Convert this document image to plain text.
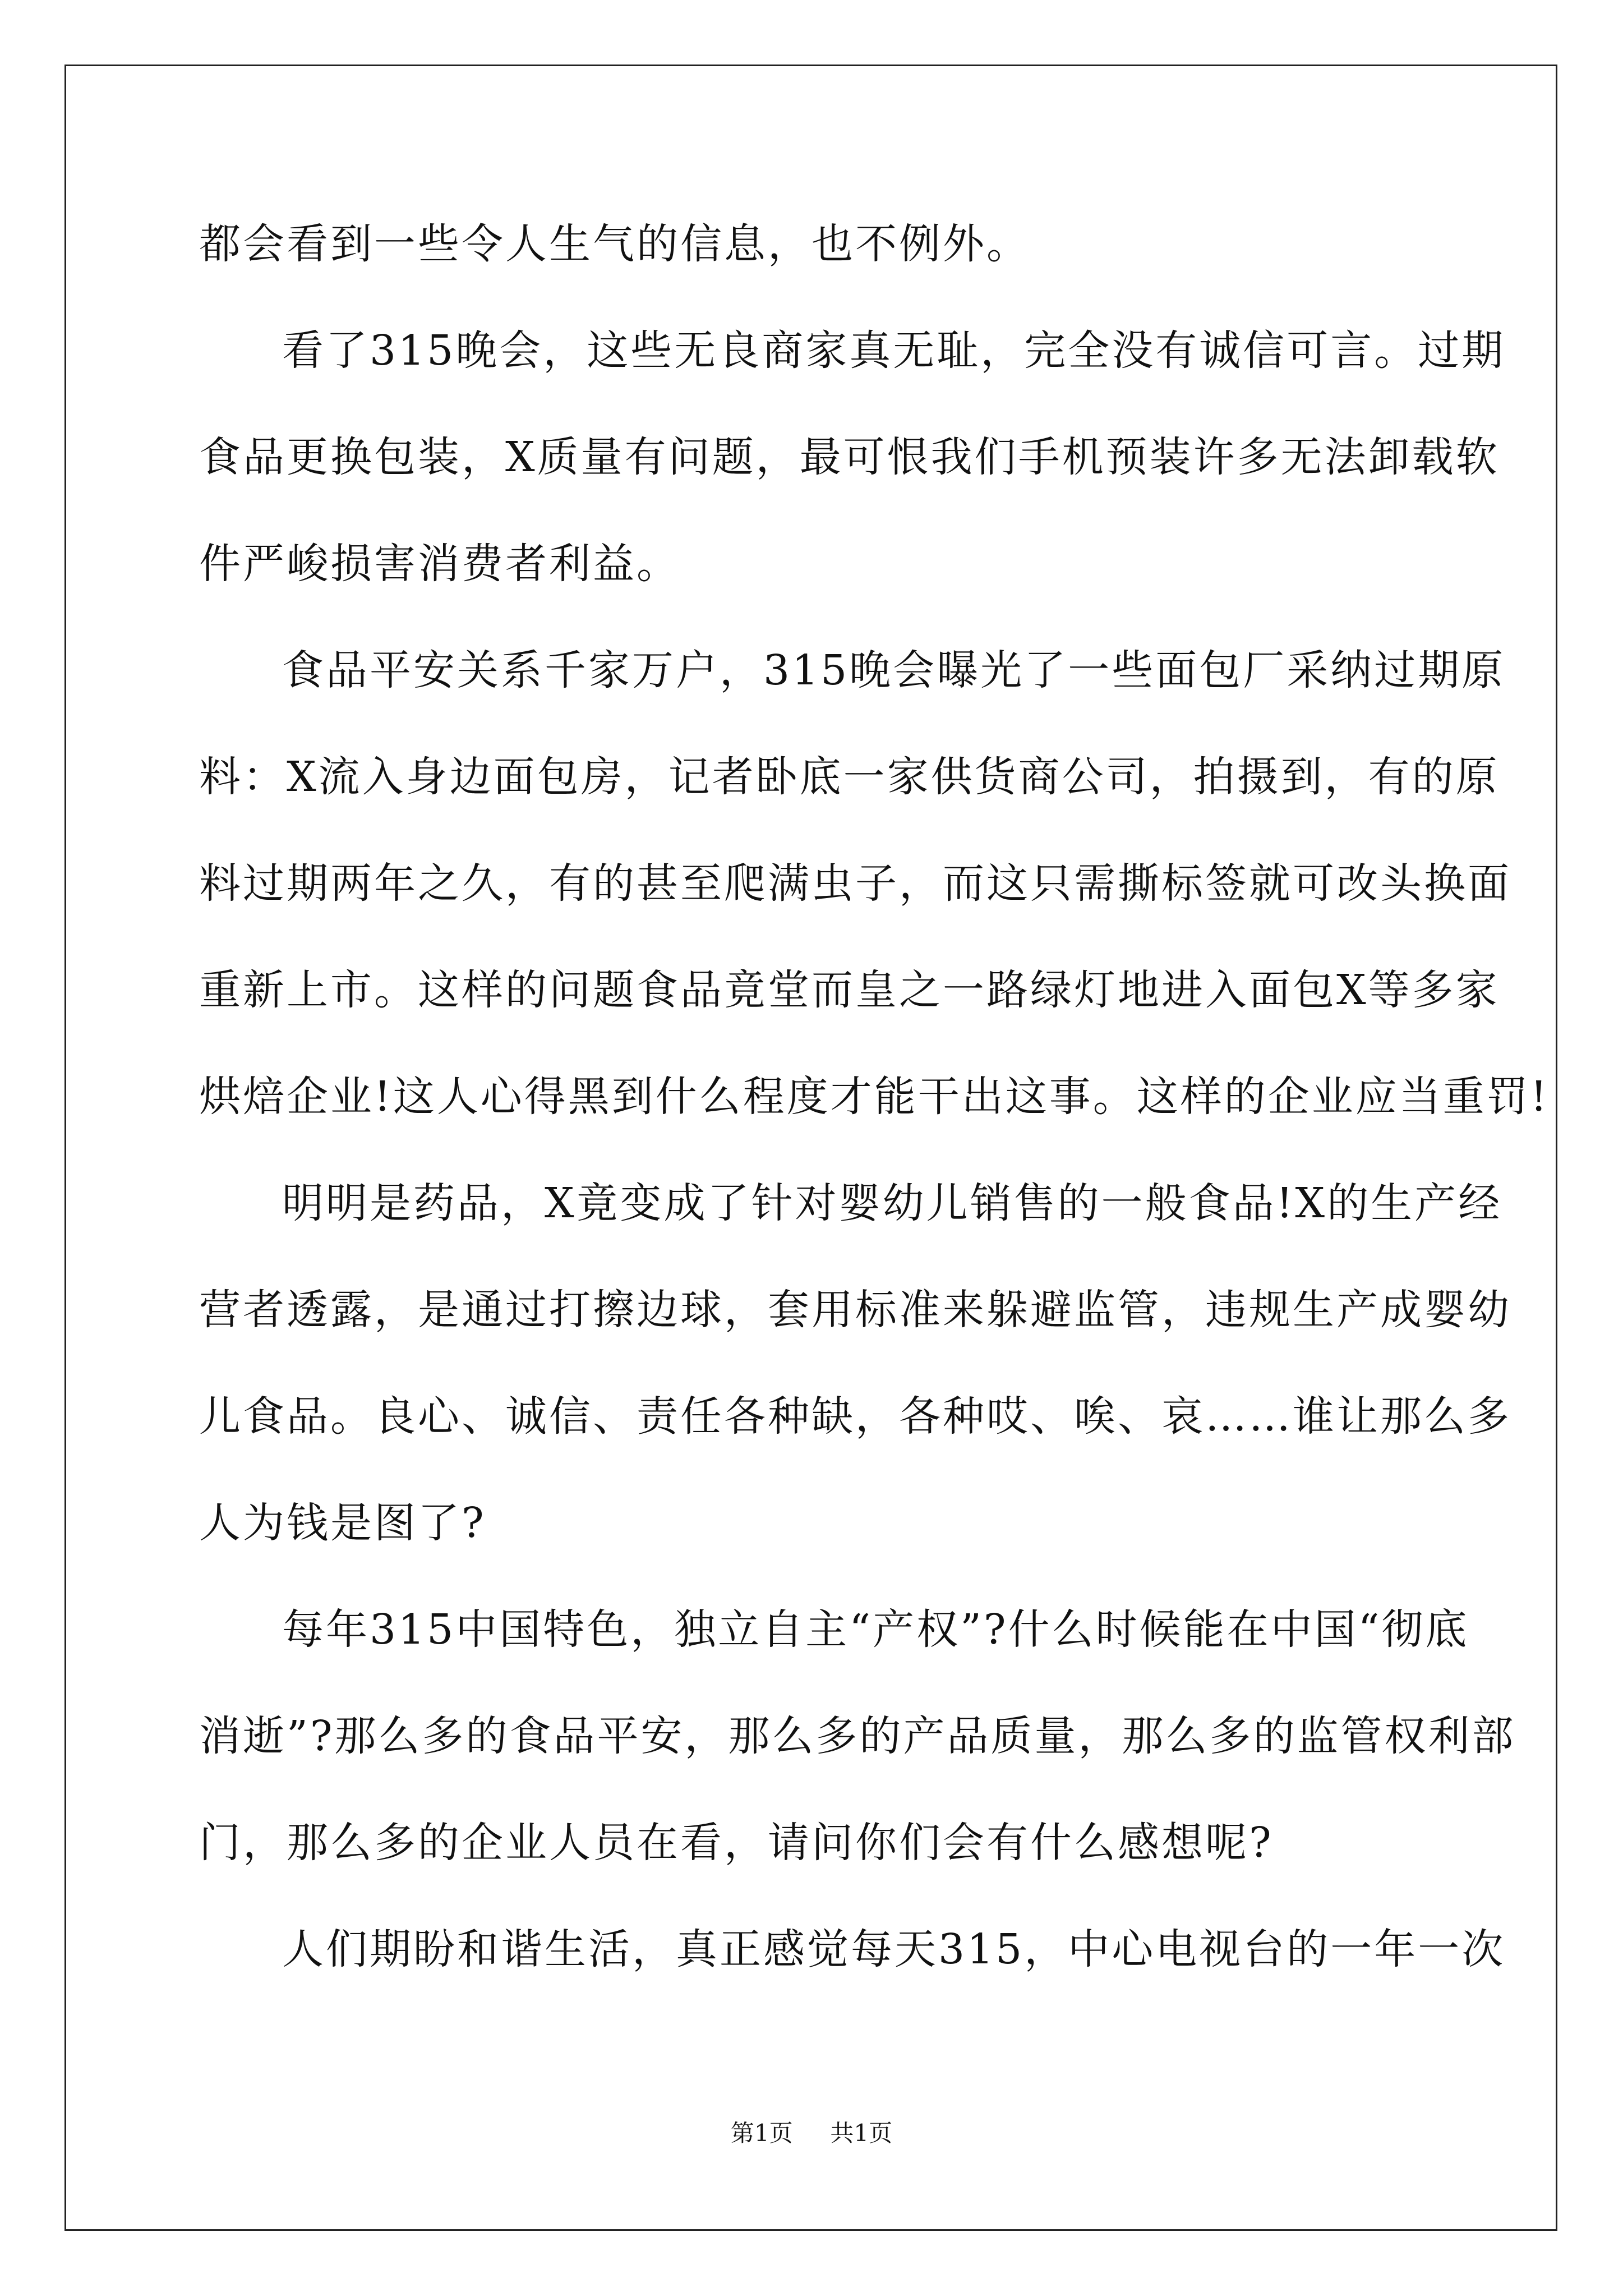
都会看到一些令人生气的信息，也不例外。
看了315晚会，这些无良商家真无耻，完全没有诚信可言。过期
食品更换包装，X质量有问题，最可恨我们手机预装许多无法卸载软
件严峻损害消费者利益。
食品平安关系千家万户，315晚会曝光了一些面包厂采纳过期原
料：X流入身边面包房，记者卧底一家供货商公司，拍摄到，有的原
料过期两年之久，有的甚至爬满虫子，而这只需撕标签就可改头换面
重新上市。这样的问题食品竟堂而皇之一路绿灯地进入面包X等多家
烘焙企业!这人心得黑到什么程度才能干出这事。这样的企业应当重罚!
明明是药品，X竟变成了针对婴幼儿销售的一般食品!X的生产经
营者透露，是通过打擦边球，套用标准来躲避监管，违规生产成婴幼
儿食品。良心、诚信、责任各种缺，各种哎、唉、哀……谁让那么多
人为钱是图了?
每年315中国特色，独立自主“产权”?什么时候能在中国“彻底
消逝”?那么多的食品平安，那么多的产品质量，那么多的监管权利部
门，那么多的企业人员在看，请问你们会有什么感想呢?
人们期盼和谐生活，真正感觉每天315，中心电视台的一年一次
第1页 共1页
